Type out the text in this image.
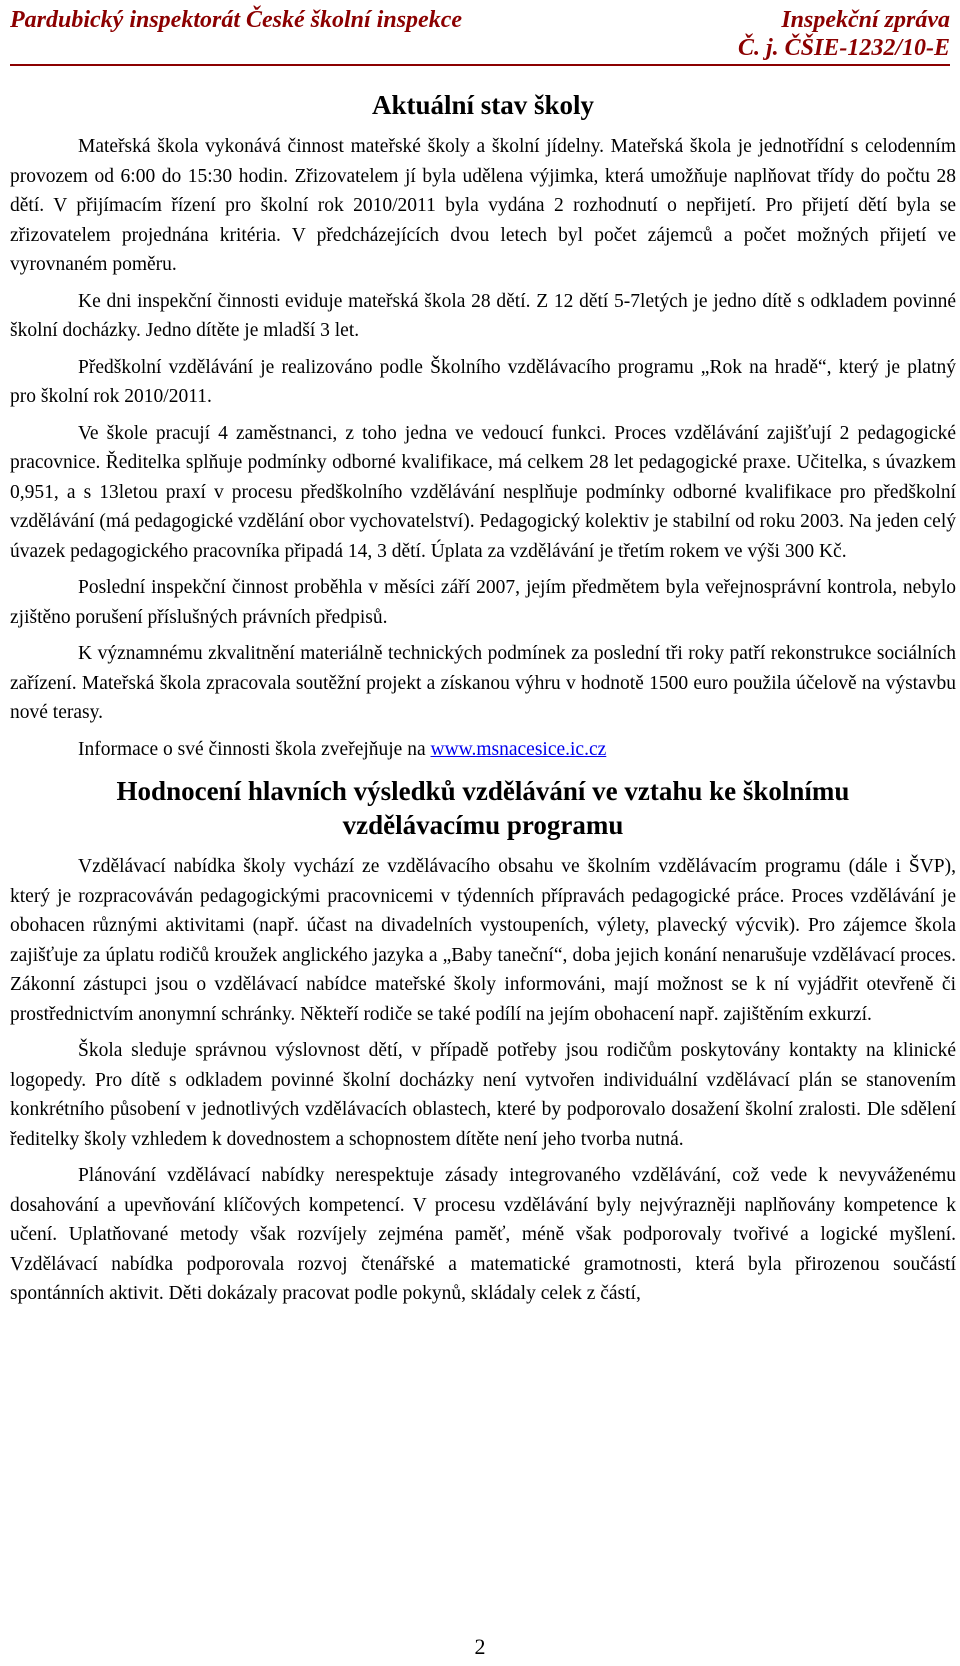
Pardubický inspektorát České školní inspekce	Inspekční zpráva
Č. j. ČŠIE-1232/10-E
Aktuální stav školy

Mateřská škola vykonává činnost mateřské školy a školní jídelny. Mateřská škola je jednotřídní s celodenním provozem od 6:00 do 15:30 hodin. Zřizovatelem jí byla udělena výjimka, která umožňuje naplňovat třídy do počtu 28 dětí. V přijímacím řízení pro školní rok 2010/2011 byla vydána 2 rozhodnutí o nepřijetí. Pro přijetí dětí byla se zřizovatelem projednána kritéria. V předcházejících dvou letech byl počet zájemců a počet možných přijetí ve vyrovnaném poměru.

Ke dni inspekční činnosti eviduje mateřská škola 28 dětí. Z 12 dětí 5-7letých je jedno dítě s odkladem povinné školní docházky. Jedno dítěte je mladší 3 let.

Předškolní vzdělávání je realizováno podle Školního vzdělávacího programu „Rok na hradě“, který je platný pro školní rok 2010/2011.

Ve škole pracují 4 zaměstnanci, z toho jedna ve vedoucí funkci. Proces vzdělávání zajišťují 2 pedagogické pracovnice. Ředitelka splňuje podmínky odborné kvalifikace, má celkem 28 let pedagogické praxe. Učitelka, s úvazkem 0,951, a s 13letou praxí v procesu předškolního vzdělávání nesplňuje podmínky odborné kvalifikace pro předškolní vzdělávání (má pedagogické vzdělání obor vychovatelství). Pedagogický kolektiv je stabilní od roku 2003. Na jeden celý úvazek pedagogického pracovníka připadá 14, 3 dětí. Úplata za vzdělávání je třetím rokem ve výši 300 Kč.

Poslední inspekční činnost proběhla v měsíci září 2007, jejím předmětem byla veřejnosprávní kontrola, nebylo zjištěno porušení příslušných právních předpisů.

K významnému zkvalitnění materiálně technických podmínek za poslední tři roky patří rekonstrukce sociálních zařízení. Mateřská škola zpracovala soutěžní projekt a získanou výhru v hodnotě 1500 euro použila účelově na výstavbu nové terasy.

Informace o své činnosti škola zveřejňuje na www.msnacesice.ic.cz

Hodnocení hlavních výsledků vzdělávání ve vztahu ke školnímu
vzdělávacímu programu

Vzdělávací nabídka školy vychází ze vzdělávacího obsahu ve školním vzdělávacím programu (dále i ŠVP), který je rozpracováván pedagogickými pracovnicemi v týdenních přípravách pedagogické práce. Proces vzdělávání je obohacen různými aktivitami (např. účast na divadelních vystoupeních, výlety, plavecký výcvik). Pro zájemce škola zajišťuje za úplatu rodičů kroužek anglického jazyka a „Baby taneční“, doba jejich konání nenarušuje vzdělávací proces. Zákonní zástupci jsou o vzdělávací nabídce mateřské školy informováni, mají možnost se k ní vyjádřit otevřeně či prostřednictvím anonymní schránky. Někteří rodiče se také podílí na jejím obohacení např. zajištěním exkurzí.

Škola sleduje správnou výslovnost dětí, v případě potřeby jsou rodičům poskytovány kontakty na klinické logopedy. Pro dítě s odkladem povinné školní docházky není vytvořen individuální vzdělávací plán se stanovením konkrétního působení v jednotlivých vzdělávacích oblastech, které by podporovalo dosažení školní zralosti. Dle sdělení ředitelky školy vzhledem k dovednostem a schopnostem dítěte není jeho tvorba nutná.

Plánování vzdělávací nabídky nerespektuje zásady integrovaného vzdělávání, což vede k nevyváženému dosahování a upevňování klíčových kompetencí. V procesu vzdělávání byly nejvýrazněji naplňovány kompetence k učení. Uplatňované metody však rozvíjely zejména paměť, méně však podporovaly tvořivé a logické myšlení. Vzdělávací nabídka podporovala rozvoj čtenářské a matematické gramotnosti, která byla přirozenou součástí spontánních aktivit. Děti dokázaly pracovat podle pokynů, skládaly celek z částí,

2
